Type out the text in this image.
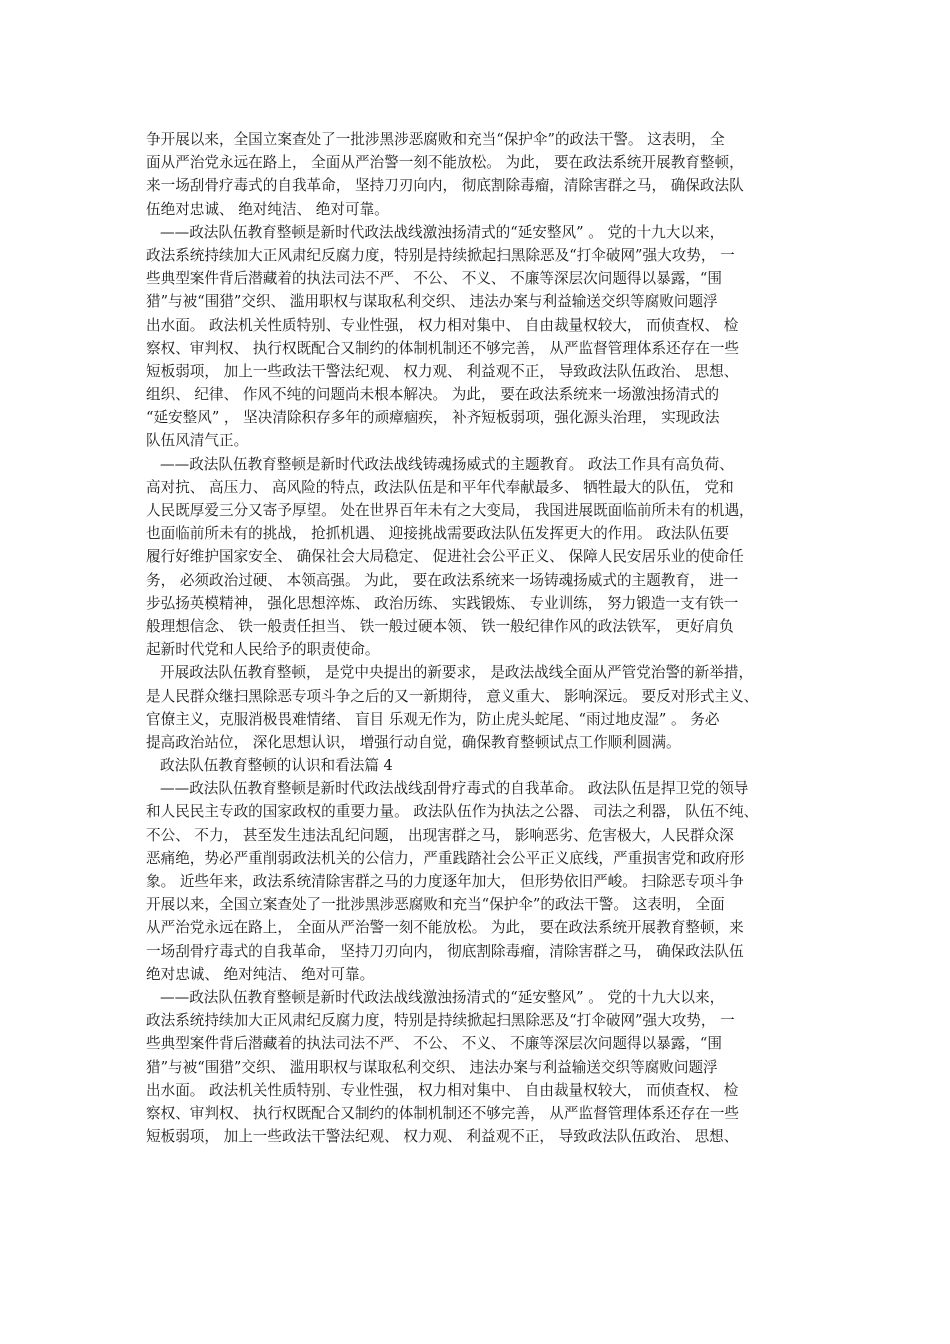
争开展以来，全国立案查处了一批涉黑涉恶腐败和充当“保护伞”的政法干警。 这表明， 全
面从严治党永远在路上， 全面从严治警一刻不能放松。 为此， 要在政法系统开展教育整顿，
来一场刮骨疗毒式的自我革命， 坚持刀刃向内， 彻底割除毒瘤，清除害群之马， 确保政法队
伍绝对忠诚、 绝对纯洁、 绝对可靠。
——政法队伍教育整顿是新时代政法战线激浊扬清式的“延安整风” 。 党的十九大以来，
政法系统持续加大正风肃纪反腐力度，特别是持续掀起扫黑除恶及“打伞破网”强大攻势， 一
些典型案件背后潜藏着的执法司法不严、 不公、 不义、 不廉等深层次问题得以暴露，“围
猎”与被“围猎”交织、 滥用职权与谋取私利交织、 违法办案与利益输送交织等腐败问题浮
出水面。 政法机关性质特别、专业性强， 权力相对集中、 自由裁量权较大， 而侦查权、 检
察权、审判权、 执行权既配合又制约的体制机制还不够完善， 从严监督管理体系还存在一些
短板弱项， 加上一些政法干警法纪观、 权力观、 利益观不正， 导致政法队伍政治、 思想、
组织、 纪律、 作风不纯的问题尚未根本解决。 为此， 要在政法系统来一场激浊扬清式的
“延安整风” ， 坚决清除积存多年的顽瘴痼疾， 补齐短板弱项，强化源头治理， 实现政法
队伍风清气正。
——政法队伍教育整顿是新时代政法战线铸魂扬威式的主题教育。 政法工作具有高负荷、
高对抗、 高压力、 高风险的特点，政法队伍是和平年代奉献最多、 牺牲最大的队伍， 党和
人民既厚爱三分又寄予厚望。 处在世界百年未有之大变局， 我国进展既面临前所未有的机遇，
也面临前所未有的挑战， 抢抓机遇、 迎接挑战需要政法队伍发挥更大的作用。 政法队伍要
履行好维护国家安全、 确保社会大局稳定、 促进社会公平正义、 保障人民安居乐业的使命任
务， 必须政治过硬、 本领高强。 为此， 要在政法系统来一场铸魂扬威式的主题教育， 进一
步弘扬英模精神， 强化思想淬炼、 政治历练、 实践锻炼、 专业训练， 努力锻造一支有铁一
般理想信念、 铁一般责任担当、 铁一般过硬本领、 铁一般纪律作风的政法铁军， 更好肩负
起新时代党和人民给予的职责使命。
开展政法队伍教育整顿， 是党中央提出的新要求， 是政法战线全面从严管党治警的新举措，
是人民群众继扫黑除恶专项斗争之后的又一新期待， 意义重大、 影响深远。 要反对形式主义、
官僚主义，克服消极畏难情绪、 盲目 乐观无作为，防止虎头蛇尾、“雨过地皮湿” 。 务必
提高政治站位， 深化思想认识， 增强行动自觉，确保教育整顿试点工作顺利圆满。
政法队伍教育整顿的认识和看法篇 4
——政法队伍教育整顿是新时代政法战线刮骨疗毒式的自我革命。 政法队伍是捍卫党的领导
和人民民主专政的国家政权的重要力量。 政法队伍作为执法之公器、 司法之利器， 队伍不纯、
不公、 不力， 甚至发生违法乱纪问题， 出现害群之马， 影响恶劣、危害极大，人民群众深
恶痛绝，势必严重削弱政法机关的公信力，严重践踏社会公平正义底线，严重损害党和政府形
象。 近些年来，政法系统清除害群之马的力度逐年加大， 但形势依旧严峻。 扫除恶专项斗争
开展以来，全国立案查处了一批涉黑涉恶腐败和充当“保护伞”的政法干警。 这表明， 全面
从严治党永远在路上， 全面从严治警一刻不能放松。 为此， 要在政法系统开展教育整顿，来
一场刮骨疗毒式的自我革命， 坚持刀刃向内， 彻底割除毒瘤，清除害群之马， 确保政法队伍
绝对忠诚、 绝对纯洁、 绝对可靠。
——政法队伍教育整顿是新时代政法战线激浊扬清式的“延安整风” 。 党的十九大以来，
政法系统持续加大正风肃纪反腐力度，特别是持续掀起扫黑除恶及“打伞破网”强大攻势， 一
些典型案件背后潜藏着的执法司法不严、 不公、 不义、 不廉等深层次问题得以暴露，“围
猎”与被“围猎”交织、 滥用职权与谋取私利交织、 违法办案与利益输送交织等腐败问题浮
出水面。 政法机关性质特别、专业性强， 权力相对集中、 自由裁量权较大， 而侦查权、 检
察权、审判权、 执行权既配合又制约的体制机制还不够完善， 从严监督管理体系还存在一些
短板弱项， 加上一些政法干警法纪观、 权力观、 利益观不正， 导致政法队伍政治、 思想、
